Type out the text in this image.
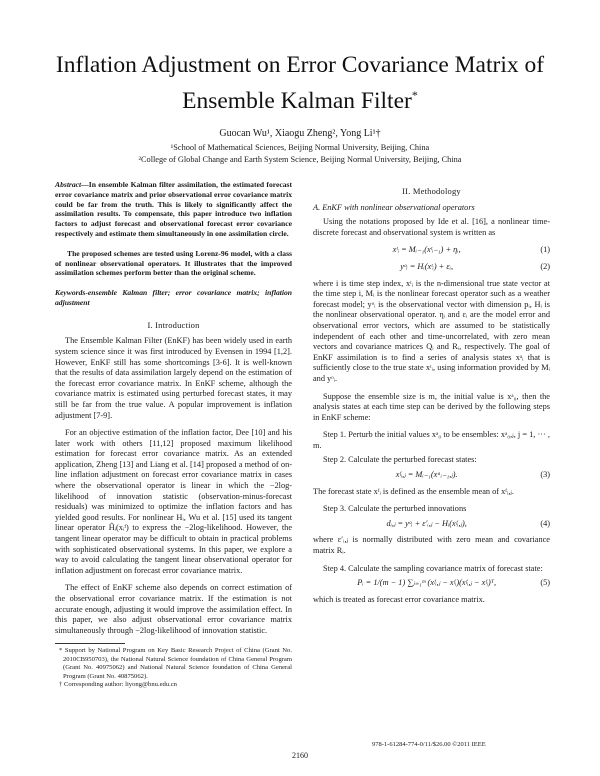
Inflation Adjustment on Error Covariance Matrix of Ensemble Kalman Filter*
Guocan Wu¹, Xiaogu Zheng², Yong Li¹†
¹School of Mathematical Sciences, Beijing Normal University, Beijing, China
²College of Global Change and Earth System Science, Beijing Normal University, Beijing, China

Abstract—In ensemble Kalman filter assimilation, the estimated forecast error covariance matrix and prior observational error covariance matrix could be far from the truth. This is likely to significantly affect the assimilation results. To compensate, this paper introduce two inflation factors to adjust forecast and observational forecast error covariance respectively and estimate them simultaneously in one assimilation circle.

The proposed schemes are tested using Lorenz-96 model, with a class of nonlinear observational operators. It illustrates that the improved assimilation schemes perform better than the original scheme.

Keywords-ensemble Kalman filter; error covariance matrix; inflation adjustment
I. Introduction

The Ensemble Kalman Filter (EnKF) has been widely used in earth system science since it was first introduced by Evensen in 1994 [1,2]. However, EnKF still has some shortcomings [3-6]. It is well-known that the results of data assimilation largely depend on the estimation of the forecast error covariance matrix. In EnKF scheme, although the covariance matrix is estimated using perturbed forecast states, it may still be far from the true value. A popular improvement is inflation adjustment [7-9].

For an objective estimation of the inflation factor, Dee [10] and his later work with others [11,12] proposed maximum likelihood estimation for forecast error covariance matrix. As an extended application, Zheng [13] and Liang et al. [14] proposed a method of on-line inflation adjustment on forecast error covariance matrix in cases where the observational operator is linear in which the −2log-likelihood of innovation statistic (observation-minus-forecast residuals) was minimized to optimize the inflation factors and has yielded good results. For nonlinear Hᵢ, Wu et al. [15] used its tangent linear operator Ĥᵢ(xᵢᶠ) to express the −2log-likelihood. However, the tangent linear operator may be difficult to obtain in practical problems with sophisticated observational systems. In this paper, we explore a way to avoid calculating the tangent linear observational operator for inflation adjustment on forecast error covariance matrix.

The effect of EnKF scheme also depends on correct estimation of the observational error covariance matrix. If the estimation is not accurate enough, adjusting it would improve the assimilation effect. In this paper, we also adjust observational error covariance matrix simultaneously through −2log-likelihood of innovation statistic.

* Support by National Program on Key Basic Research Project of China (Grant No. 2010CB950703), the National Natural Science foundation of China General Program (Grant No. 40975062) and National Natural Science foundation of China General Program (Grant No. 40875062).
† Corresponding author: liyong@bnu.edu.cn
II. Methodology
A. EnKF with nonlinear observational operators

Using the notations proposed by Ide et al. [16], a nonlinear time-discrete forecast and observational system is written as

xᵗᵢ = Mᵢ₋₁(xᵗᵢ₋₁) + ηᵢ,	(1)
yᵒᵢ = Hᵢ(xᵗᵢ) + εᵢ,	(2)

where i is time step index, xᵗᵢ is the n-dimensional true state vector at the time step i, Mᵢ is the nonlinear forecast operator such as a weather forecast model; yᵒᵢ is the observational vector with dimension pᵢ, Hᵢ is the nonlinear observational operator. ηᵢ and εᵢ are the model error and observational error vectors, which are assumed to be statistically independent of each other and time-uncorrelated, with zero mean vectors and covariance matrices Qᵢ and Rᵢ, respectively. The goal of EnKF assimilation is to find a series of analysis states xᵃᵢ that is sufficiently close to the true state xᵗᵢ, using information provided by Mᵢ and yᵒᵢ.

Suppose the ensemble size is m, the initial value is xᵃ₀, then the analysis states at each time step can be derived by the following steps in EnKF scheme:

Step 1. Perturb the initial values xᵃ₀ to be ensembles: xᵃ₀,ⱼ, j = 1, ··· , m.

Step 2. Calculate the perturbed forecast states:

xᶠᵢ,ⱼ = Mᵢ₋₁(xᵃᵢ₋₁,ⱼ).	(3)

The forecast state xᶠᵢ is defined as the ensemble mean of xᶠᵢ,ⱼ.

Step 3. Calculate the perturbed innovations

dᵢ,ⱼ = yᵒᵢ + ε′ᵢ,ⱼ − Hᵢ(xᶠᵢ,ⱼ),	(4)

where ε′ᵢ,ⱼ is normally distributed with zero mean and covariance matrix Rᵢ.

Step 4. Calculate the sampling covariance matrix of forecast state:

Pᵢ = 1/(m − 1) ∑ⱼ₌₁ᵐ (xᶠᵢ,ⱼ − xᶠᵢ)(xᶠᵢ,ⱼ − xᶠᵢ)ᵀ,	(5)

which is treated as forecast error covariance matrix.

978-1-61284-774-0/11/$26.00 ©2011 IEEE
2160
